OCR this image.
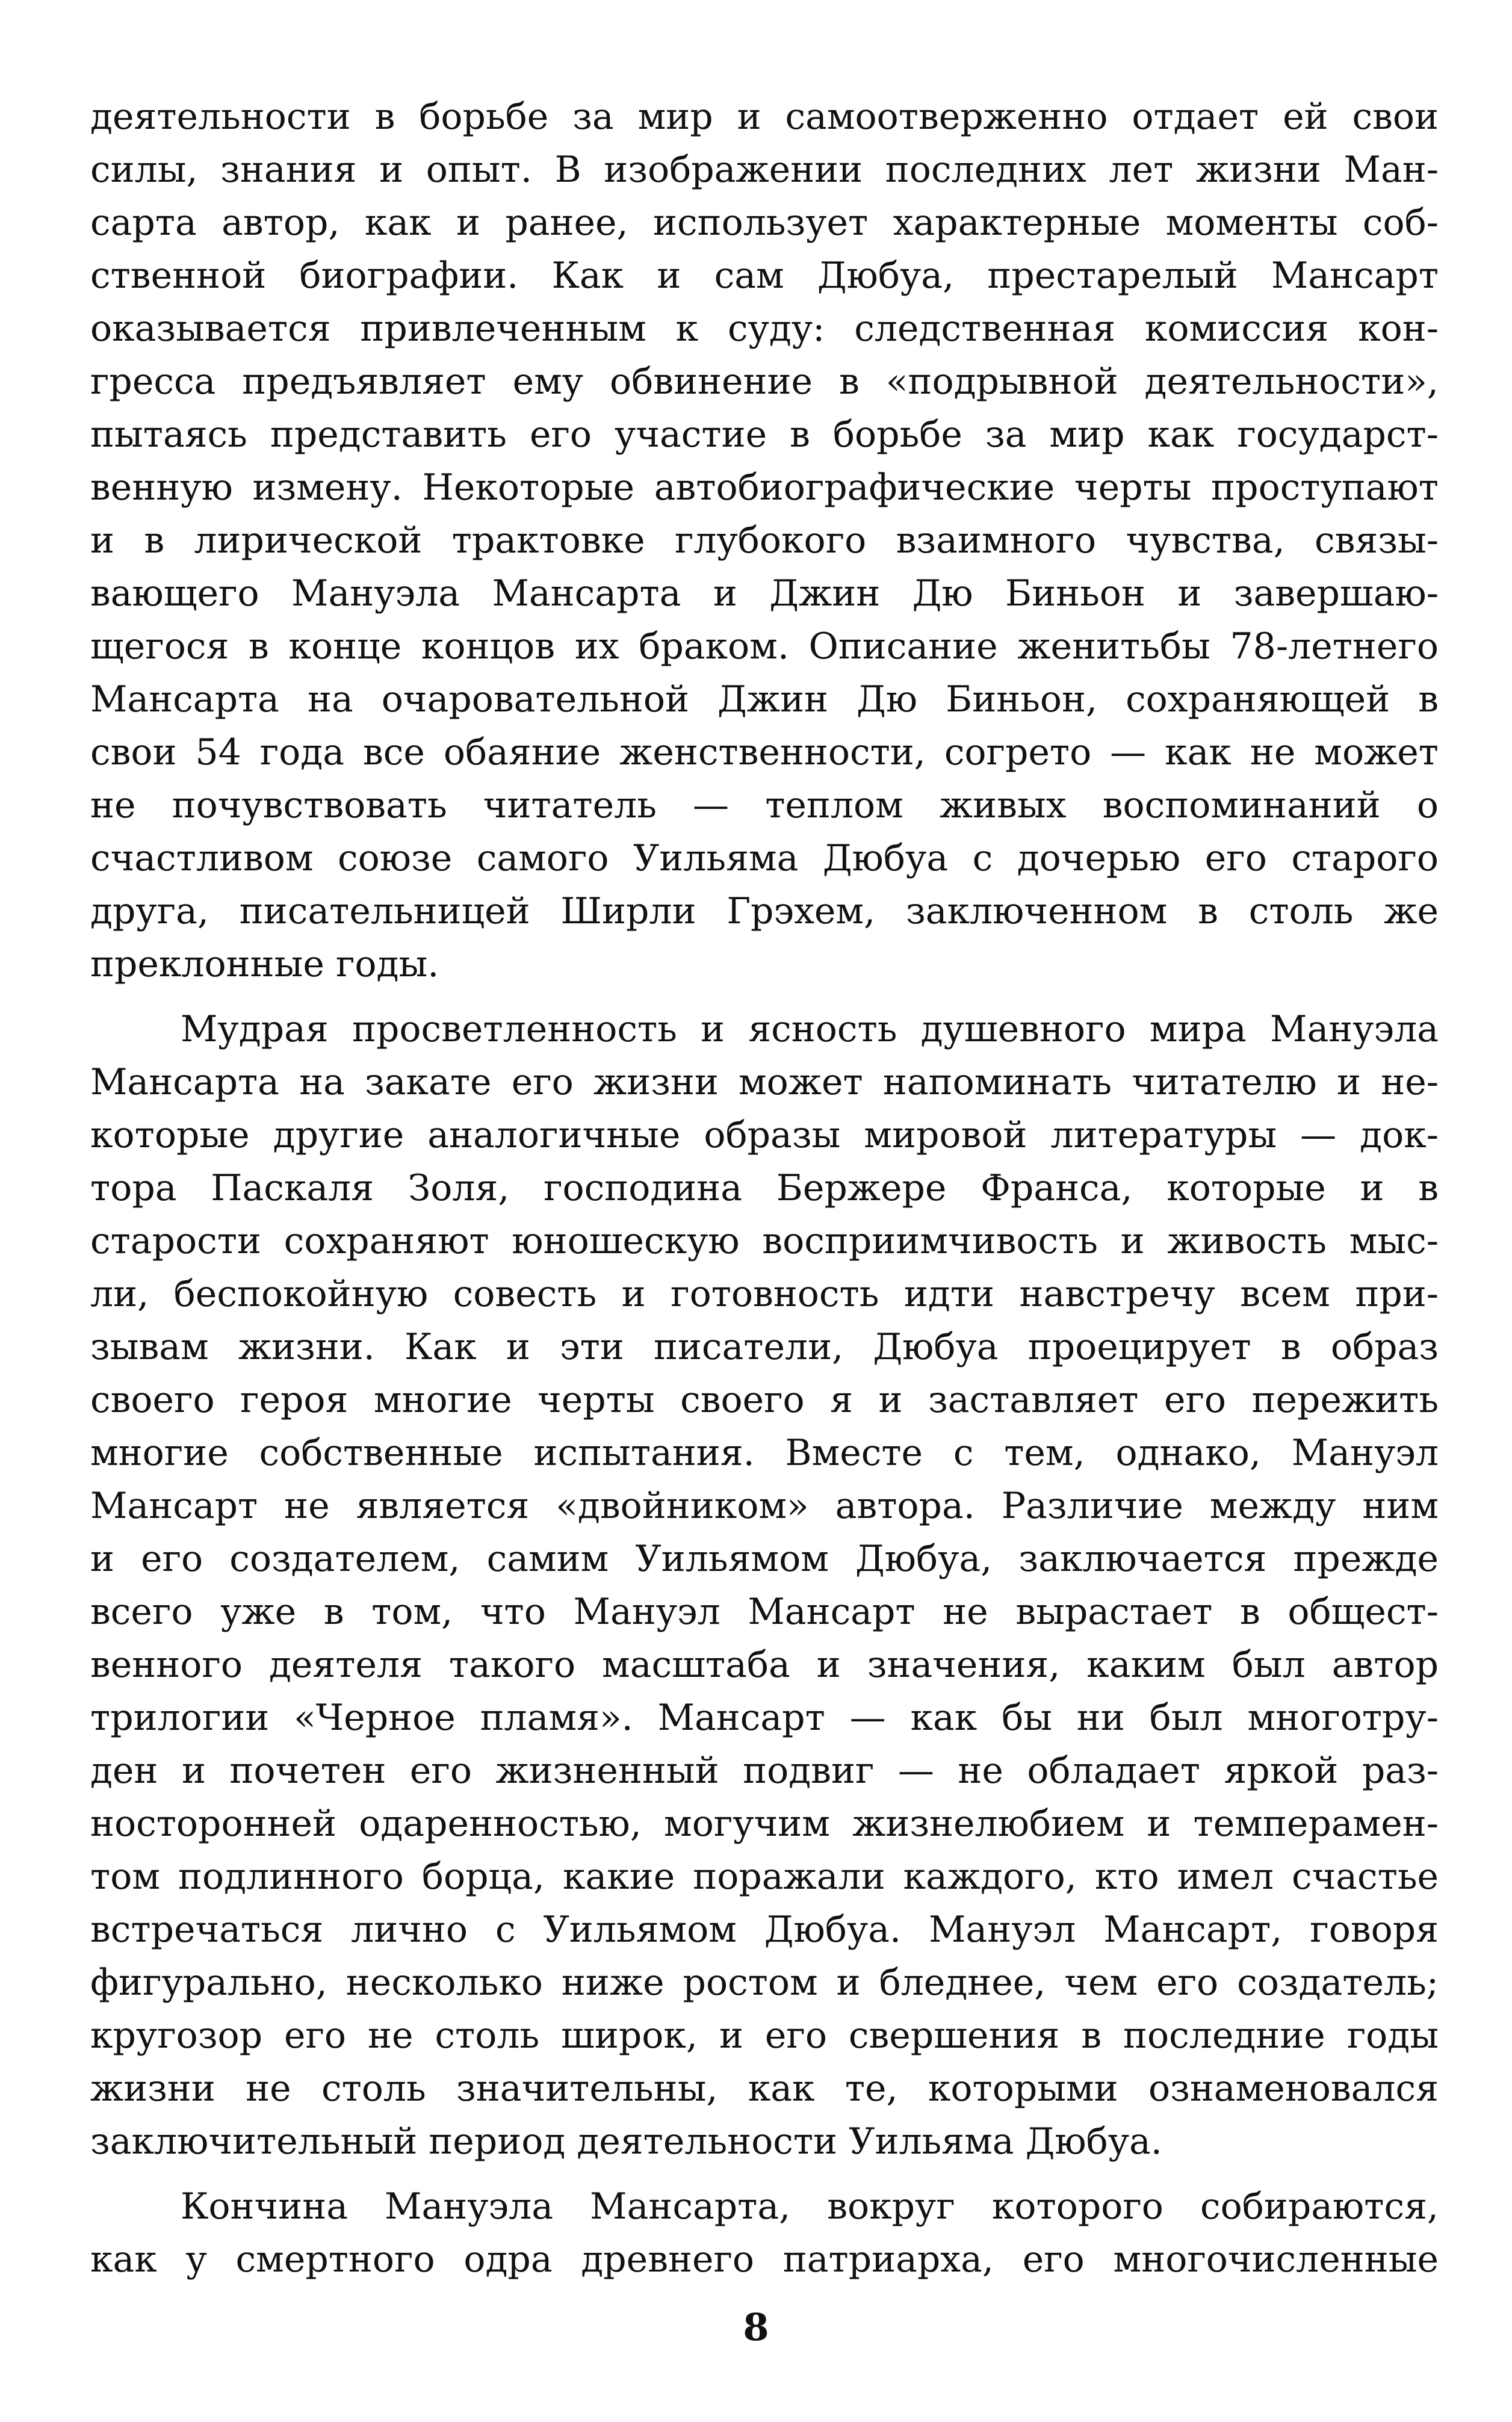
деятельности в борьбе за мир и самоотверженно отдает ей свои
силы, знания и опыт. В изображении последних лет жизни Ман-
сарта автор, как и ранее, использует характерные моменты соб-
ственной биографии. Как и сам Дюбуа, престарелый Мансарт
оказывается привлеченным к суду: следственная комиссия кон-
гресса предъявляет ему обвинение в «подрывной деятельности»,
пытаясь представить его участие в борьбе за мир как государст-
венную измену. Некоторые автобиографические черты проступают
и в лирической трактовке глубокого взаимного чувства, связы-
вающего Мануэла Мансарта и Джин Дю Биньон и завершаю-
щегося в конце концов их браком. Описание женитьбы 78-летнего
Мансарта на очаровательной Джин Дю Биньон, сохраняющей в
свои 54 года все обаяние женственности, согрето — как не может
не почувствовать читатель — теплом живых воспоминаний о
счастливом союзе самого Уильяма Дюбуа с дочерью его старого
друга, писательницей Ширли Грэхем, заключенном в столь же
преклонные годы.

Мудрая просветленность и ясность душевного мира Мануэла
Мансарта на закате его жизни может напоминать читателю и не-
которые другие аналогичные образы мировой литературы — док-
тора Паскаля Золя, господина Бержере Франса, которые и в
старости сохраняют юношескую восприимчивость и живость мыс-
ли, беспокойную совесть и готовность идти навстречу всем при-
зывам жизни. Как и эти писатели, Дюбуа проецирует в образ
своего героя многие черты своего я и заставляет его пережить
многие собственные испытания. Вместе с тем, однако, Мануэл
Мансарт не является «двойником» автора. Различие между ним
и его создателем, самим Уильямом Дюбуа, заключается прежде
всего уже в том, что Мануэл Мансарт не вырастает в общест-
венного деятеля такого масштаба и значения, каким был автор
трилогии «Черное пламя». Мансарт — как бы ни был многотру-
ден и почетен его жизненный подвиг — не обладает яркой раз-
носторонней одаренностью, могучим жизнелюбием и темперамен-
том подлинного борца, какие поражали каждого, кто имел счастье
встречаться лично с Уильямом Дюбуа. Мануэл Мансарт, говоря
фигурально, несколько ниже ростом и бледнее, чем его создатель;
кругозор его не столь широк, и его свершения в последние годы
жизни не столь значительны, как те, которыми ознаменовался
заключительный период деятельности Уильяма Дюбуа.

Кончина Мануэла Мансарта, вокруг которого собираются,
как у смертного одра древнего патриарха, его многочисленные

8
